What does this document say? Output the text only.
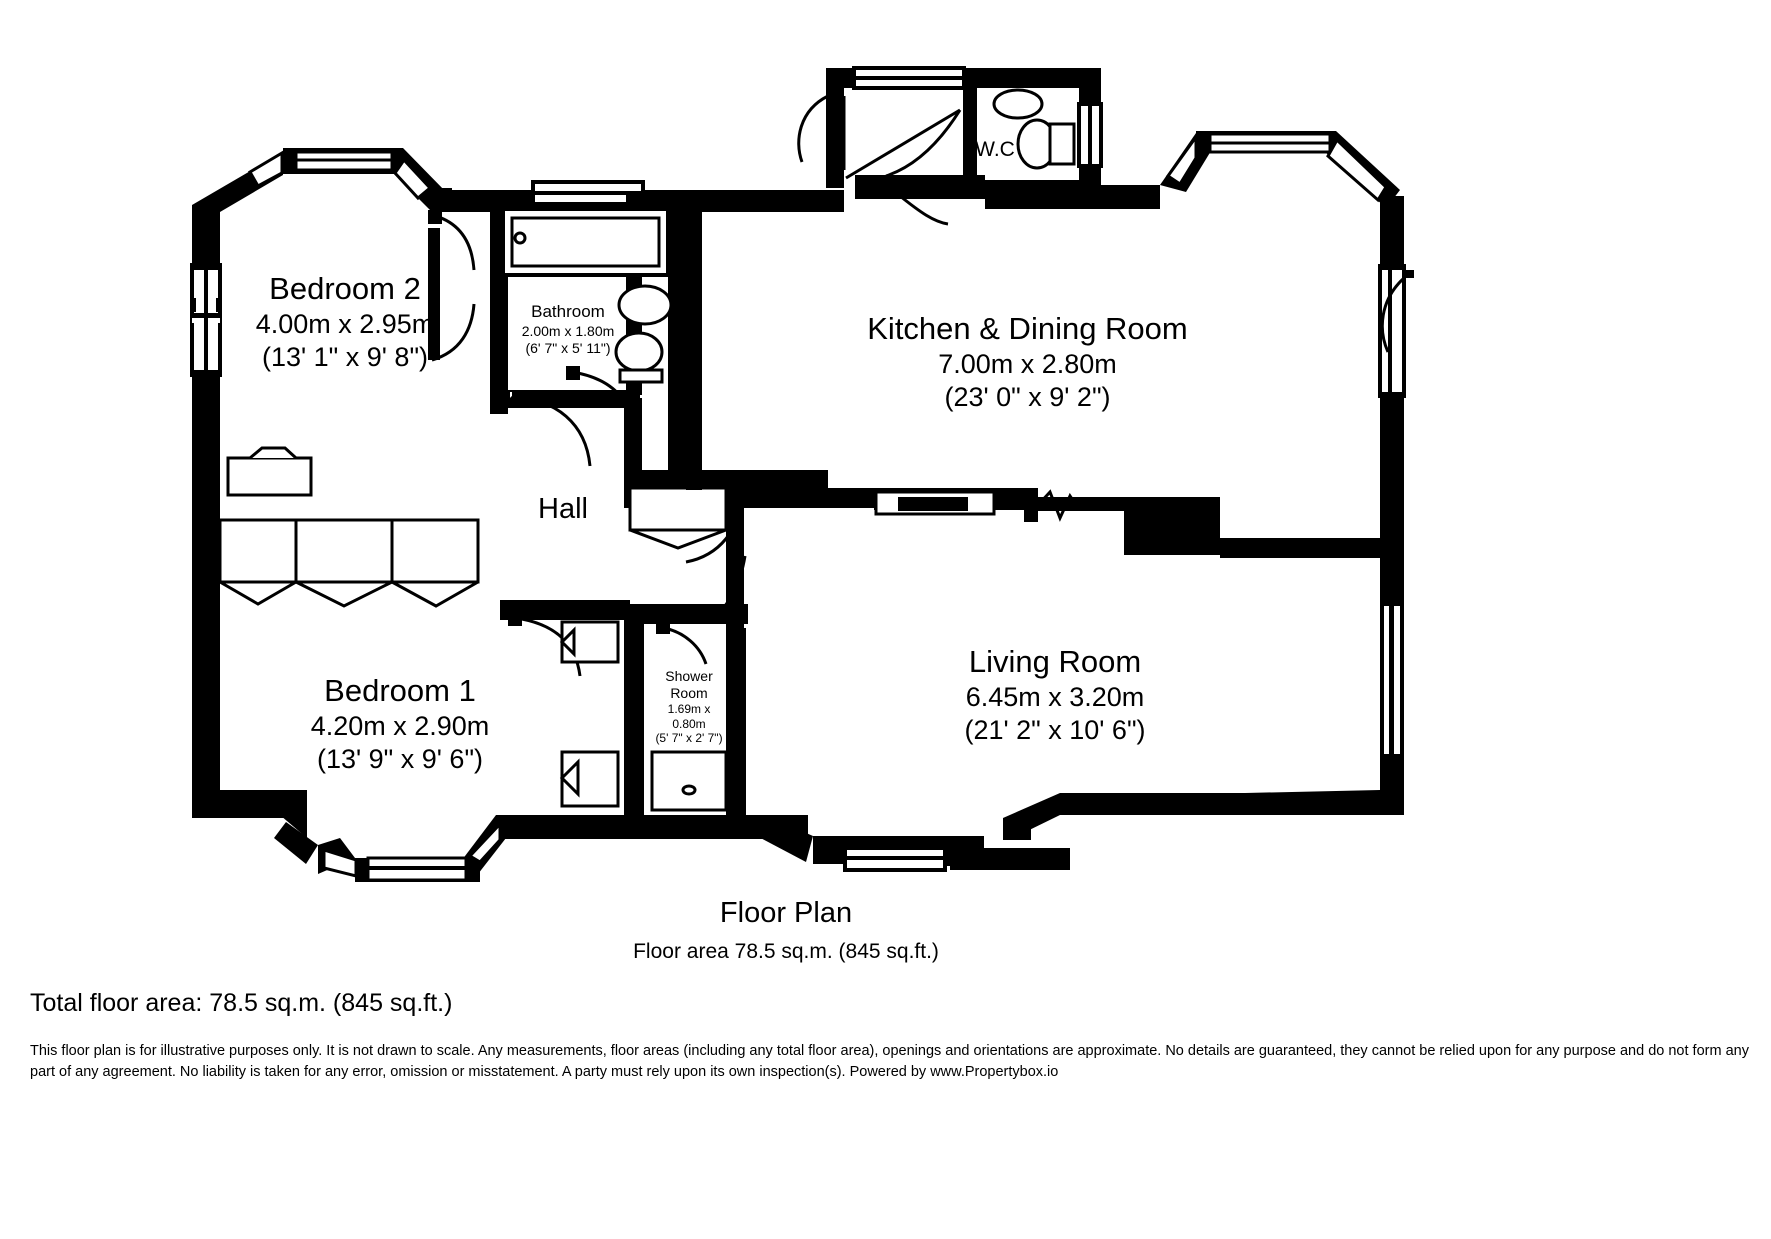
Bedroom 2
4.00m x 2.95m
(13' 1" x 9' 8")
Bathroom
2.00m x 1.80m
(6' 7" x 5' 11")
Kitchen & Dining Room
7.00m x 2.80m
(23' 0" x 9' 2")
W.C
Hall
Bedroom 1
4.20m x 2.90m
(13' 9" x 9' 6")
Shower
Room
1.69m x
0.80m
(5' 7" x 2' 7")
Living Room
6.45m x 3.20m
(21' 2" x 10' 6")
Floor Plan
Floor area 78.5 sq.m. (845 sq.ft.)
Total floor area: 78.5 sq.m. (845 sq.ft.)
This floor plan is for illustrative purposes only. It is not drawn to scale. Any measurements, floor areas (including any total floor area), openings and orientations are approximate. No details are guaranteed, they cannot be relied upon for any purpose and do not form any part of any agreement. No liability is taken for any error, omission or misstatement. A party must rely upon its own inspection(s). Powered by www.Propertybox.io
